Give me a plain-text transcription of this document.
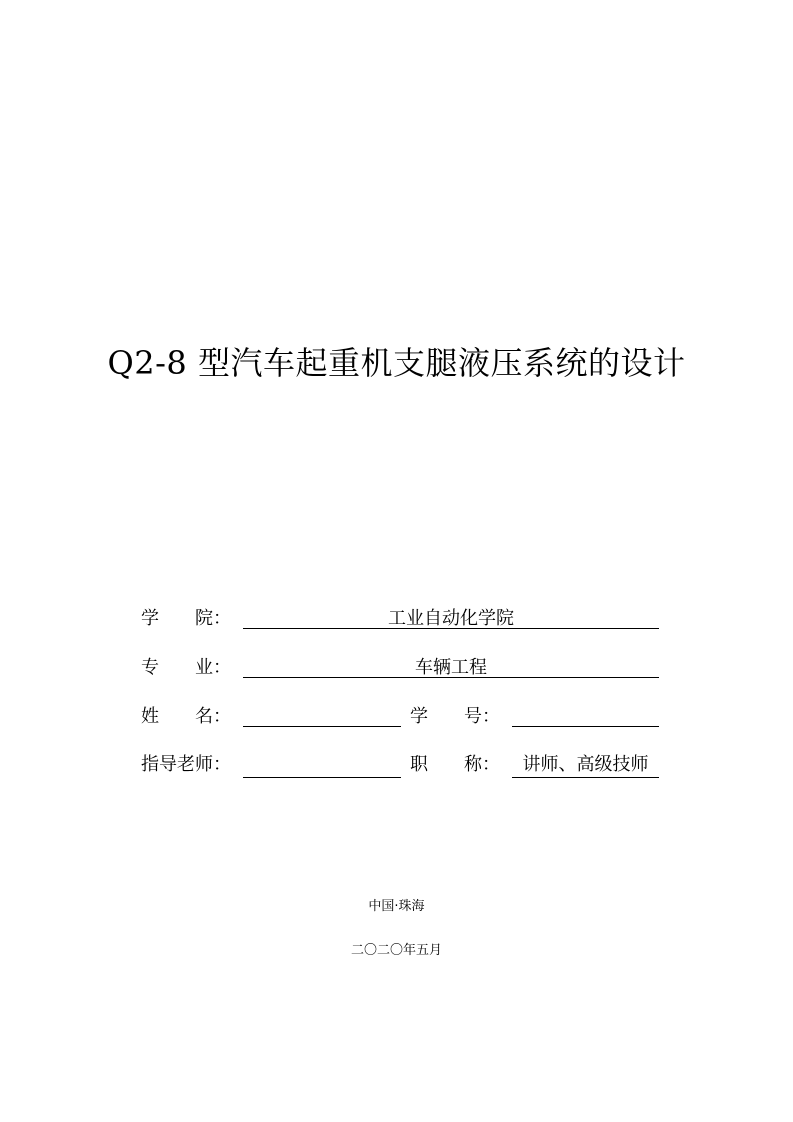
Q2-8 型汽车起重机支腿液压系统的设计
学　　院：	工业自动化学院
专　　业：	车辆工程
姓　　名：	学　　号：
指导老师：	职　　称：	讲师、高级技师
中国·珠海
二〇二〇年五月
